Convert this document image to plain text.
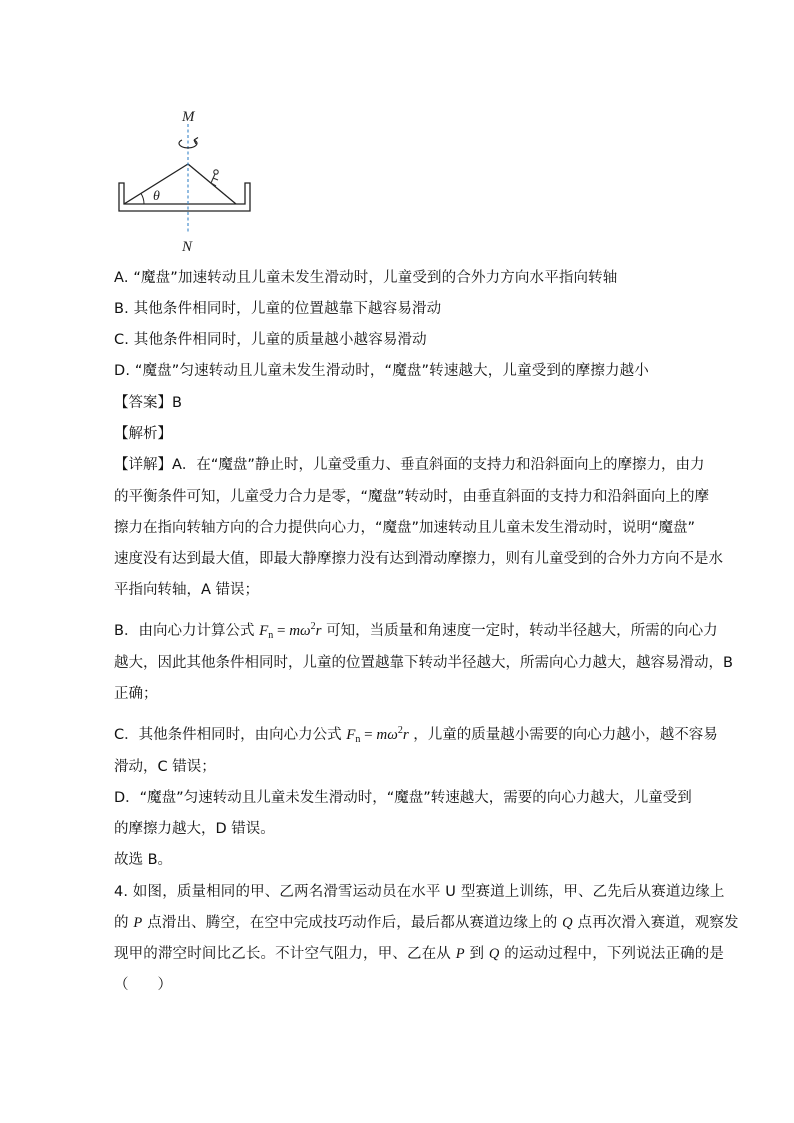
M
N
θ
A. “魔盘”加速转动且儿童未发生滑动时，儿童受到的合外力方向水平指向转轴
B. 其他条件相同时，儿童的位置越靠下越容易滑动
C. 其他条件相同时，儿童的质量越小越容易滑动
D. “魔盘”匀速转动且儿童未发生滑动时，“魔盘”转速越大，儿童受到的摩擦力越小
【答案】B
【解析】
【详解】A．在“魔盘”静止时，儿童受重力、垂直斜面的支持力和沿斜面向上的摩擦力，由力
的平衡条件可知，儿童受力合力是零，“魔盘”转动时，由垂直斜面的支持力和沿斜面向上的摩
擦力在指向转轴方向的合力提供向心力，“魔盘”加速转动且儿童未发生滑动时，说明“魔盘”
速度没有达到最大值，即最大静摩擦力没有达到滑动摩擦力，则有儿童受到的合外力方向不是水
平指向转轴，A 错误；
B．由向心力计算公式 $F_n = m\omega^2r$ 可知，当质量和角速度一定时，转动半径越大，所需的向心力
越大，因此其他条件相同时，儿童的位置越靠下转动半径越大，所需向心力越大，越容易滑动，B
正确；
C．其他条件相同时，由向心力公式 $F_n = m\omega^2r$ ，儿童的质量越小需要的向心力越小，越不容易
滑动，C 错误；
D．“魔盘”匀速转动且儿童未发生滑动时，“魔盘”转速越大，需要的向心力越大，儿童受到
的摩擦力越大，D 错误。
故选 B。
4. 如图，质量相同的甲、乙两名滑雪运动员在水平 U 型赛道上训练，甲、乙先后从赛道边缘上
的 P 点滑出、腾空，在空中完成技巧动作后，最后都从赛道边缘上的 Q 点再次滑入赛道，观察发
现甲的滞空时间比乙长。不计空气阻力，甲、乙在从 P 到 Q 的运动过程中，下列说法正确的是
（　　）
